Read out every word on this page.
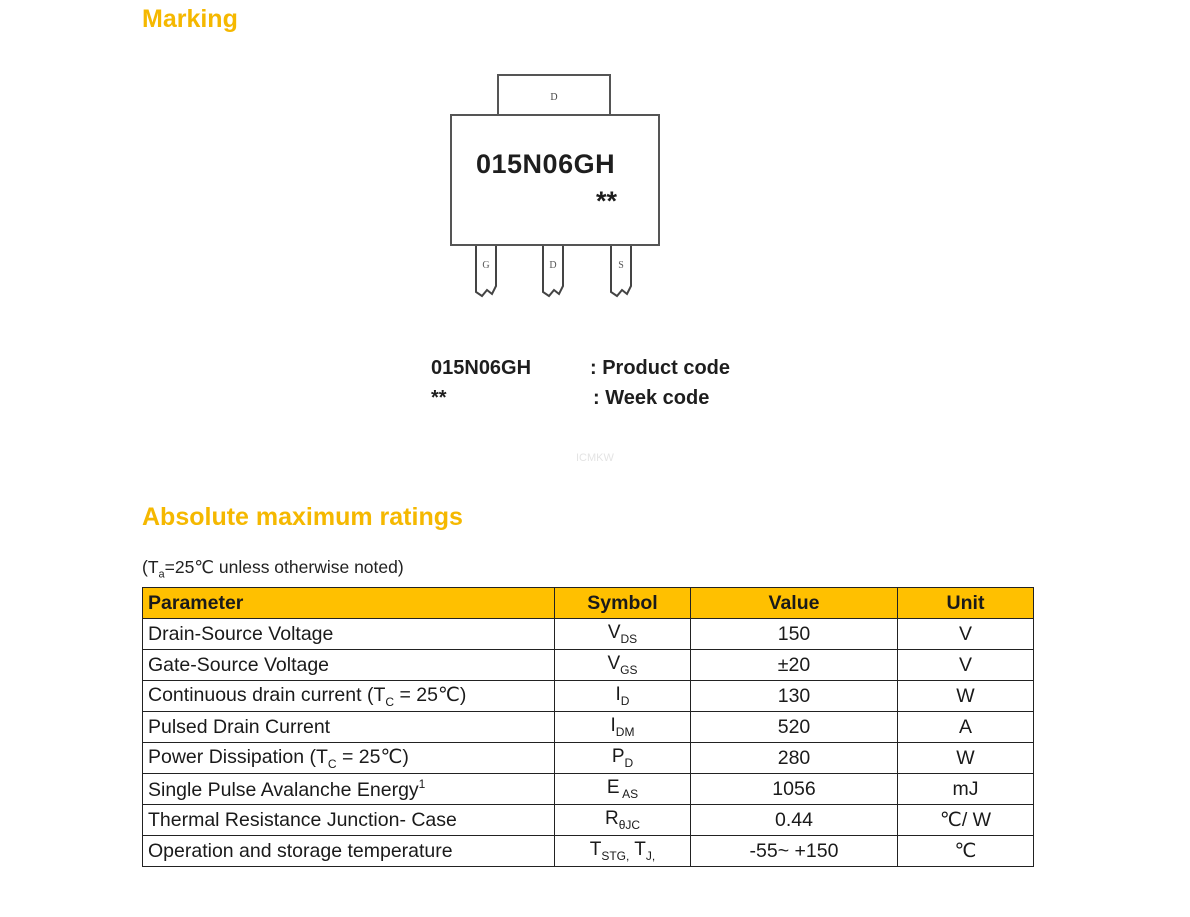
Marking
D
015N06GH
**
G	D	S
015N06GH	: Product code
**	: Week code
ICMKW
Absolute maximum ratings
($T_a=25℃$ unless otherwise noted)
Parameter	Symbol	Value	Unit
Drain-Source Voltage	$V_{DS}$	150	V
Gate-Source Voltage	$V_{GS}$	±20	V
Continuous drain current ($T_C$ = 25℃)	$I_D$	130	W
Pulsed Drain Current	$I_{DM}$	520	A
Power Dissipation ($T_C$ = 25℃)	$P_D$	280	W
Single Pulse Avalanche Energy$^1$	E $_{AS}$	1056	mJ
Thermal Resistance Junction- Case	$R_{\theta JC}$	0.44	℃/ W
Operation and storage temperature	$T_{STG,}$ $T_{J,}$	-55~ +150	℃
